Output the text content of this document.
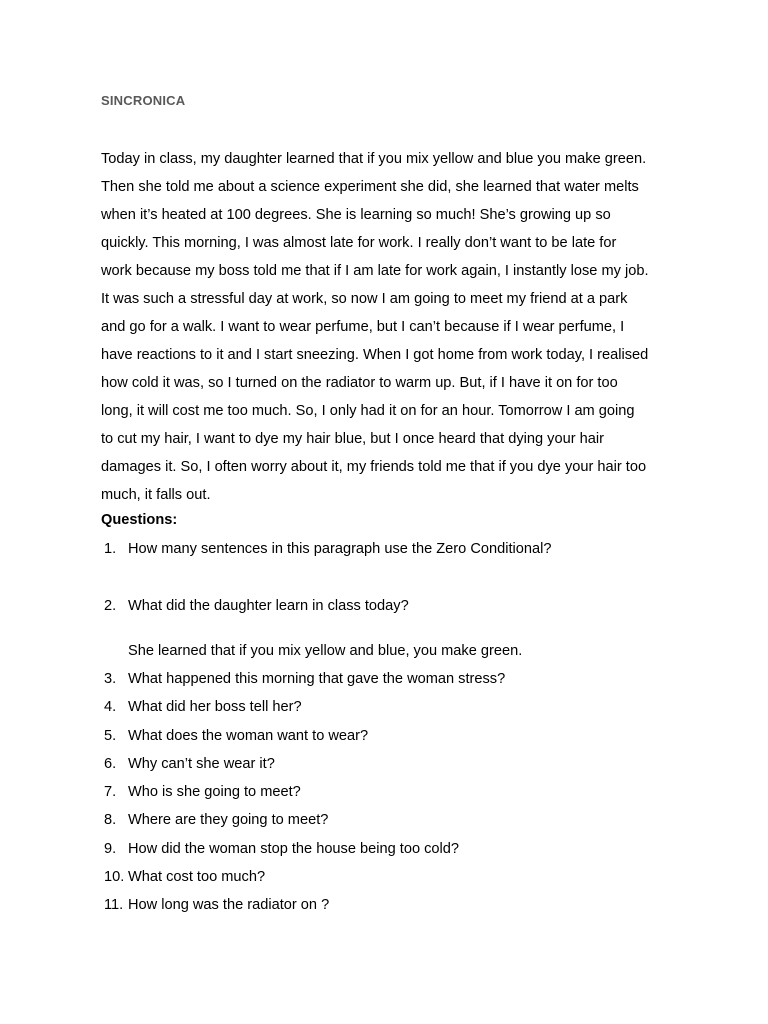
SINCRONICA
Today in class, my daughter learned that if you mix yellow and blue you make green.
Then she told me about a science experiment she did, she learned that water melts
when it’s heated at 100 degrees. She is learning so much! She’s growing up so
quickly. This morning, I was almost late for work. I really don’t want to be late for
work because my boss told me that if I am late for work again, I instantly lose my job.
It was such a stressful day at work, so now I am going to meet my friend at a park
and go for a walk. I want to wear perfume, but I can’t because if I wear perfume, I
have reactions to it and I start sneezing. When I got home from work today, I realised
how cold it was, so I turned on the radiator to warm up. But, if I have it on for too
long, it will cost me too much. So, I only had it on for an hour. Tomorrow I am going
to cut my hair, I want to dye my hair blue, but I once heard that dying your hair
damages it. So, I often worry about it, my friends told me that if you dye your hair too
much, it falls out.
Questions:
1. How many sentences in this paragraph use the Zero Conditional?
2. What did the daughter learn in class today?
She learned that if you mix yellow and blue, you make green.
3. What happened this morning that gave the woman stress?
4. What did her boss tell her?
5. What does the woman want to wear?
6. Why can’t she wear it?
7. Who is she going to meet?
8. Where are they going to meet?
9. How did the woman stop the house being too cold?
10. What cost too much?
11. How long was the radiator on ?
